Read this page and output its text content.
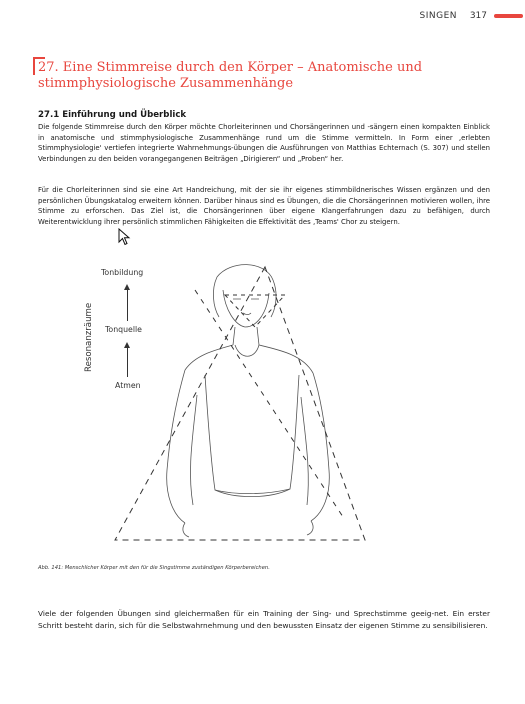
SINGEN 317
27. Eine Stimmreise durch den Körper – Anatomische und stimmphysiologische Zusammenhänge
27.1 Einführung und Überblick

Die folgende Stimmreise durch den Körper möchte Chorleiterinnen und Chorsängerinnen und -sängern einen kompakten Einblick in anatomische und stimmphysiologische Zusammenhänge rund um die Stimme vermitteln. In Form einer ‚erlebten Stimmphysiologie' vertiefen integrierte Wahrnehmungs-übungen die Ausführungen von Matthias Echternach (S. 307) und stellen Verbindungen zu den beiden vorangegangenen Beiträgen „Dirigieren“ und „Proben“ her.

Für die Chorleiterinnen sind sie eine Art Handreichung, mit der sie ihr eigenes stimmbildnerisches Wissen ergänzen und den persönlichen Übungskatalog erweitern können. Darüber hinaus sind es Übungen, die die Chorsängerinnen motivieren wollen, ihre Stimme zu erforschen. Das Ziel ist, die Chorsängerinnen über eigene Klangerfahrungen dazu zu befähigen, durch Weiterentwicklung ihrer persönlich stimmlichen Fähigkeiten die Effektivität des ‚Teams' Chor zu steigern.

Tonbildung
Tonquelle
Atmen
Resonanzräume

Abb. 141: Menschlicher Körper mit den für die Singstimme zuständigen Körperbereichen.

Viele der folgenden Übungen sind gleichermaßen für ein Training der Sing- und Sprechstimme geeig-net. Ein erster Schritt besteht darin, sich für die Selbstwahrnehmung und den bewussten Einsatz der eigenen Stimme zu sensibilisieren.
